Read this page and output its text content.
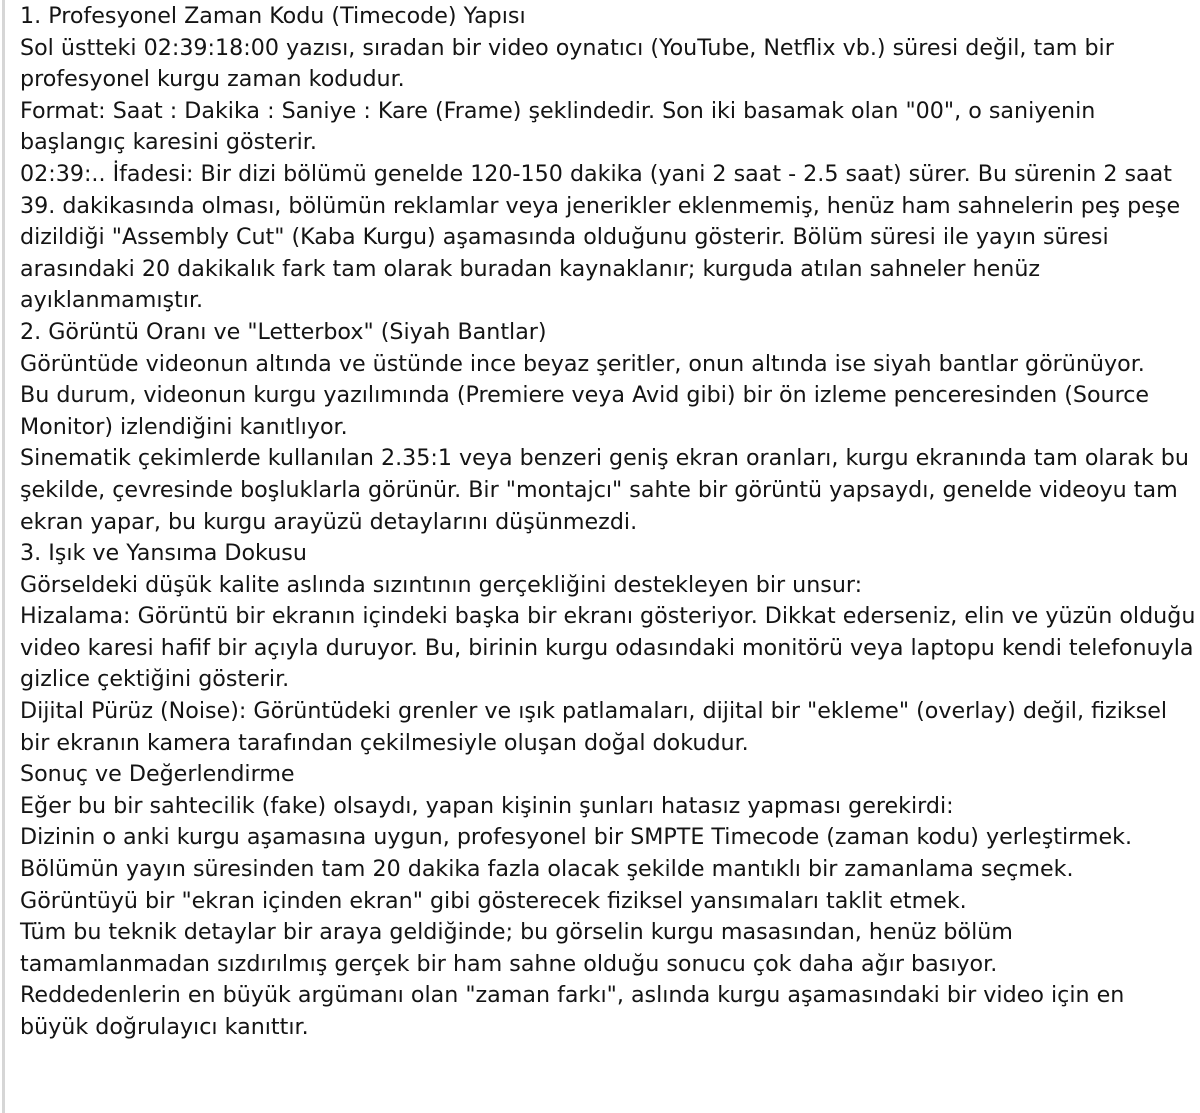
1. Profesyonel Zaman Kodu (Timecode) Yapısı

Sol üstteki 02:39:18:00 yazısı, sıradan bir video oynatıcı (YouTube, Netflix vb.) süresi değil, tam bir profesyonel kurgu zaman kodudur.

Format: Saat : Dakika : Saniye : Kare (Frame) şeklindedir. Son iki basamak olan "00", o saniyenin başlangıç karesini gösterir.

02:39:.. İfadesi: Bir dizi bölümü genelde 120-150 dakika (yani 2 saat - 2.5 saat) sürer. Bu sürenin 2 saat 39. dakikasında olması, bölümün reklamlar veya jenerikler eklenmemiş, henüz ham sahnelerin peş peşe dizildiği "Assembly Cut" (Kaba Kurgu) aşamasında olduğunu gösterir. Bölüm süresi ile yayın süresi arasındaki 20 dakikalık fark tam olarak buradan kaynaklanır; kurguda atılan sahneler henüz ayıklanmamıştır.

2. Görüntü Oranı ve "Letterbox" (Siyah Bantlar)

Görüntüde videonun altında ve üstünde ince beyaz şeritler, onun altında ise siyah bantlar görünüyor.

Bu durum, videonun kurgu yazılımında (Premiere veya Avid gibi) bir ön izleme penceresinden (Source Monitor) izlendiğini kanıtlıyor.

Sinematik çekimlerde kullanılan 2.35:1 veya benzeri geniş ekran oranları, kurgu ekranında tam olarak bu şekilde, çevresinde boşluklarla görünür. Bir "montajcı" sahte bir görüntü yapsaydı, genelde videoyu tam ekran yapar, bu kurgu arayüzü detaylarını düşünmezdi.

3. Işık ve Yansıma Dokusu

Görseldeki düşük kalite aslında sızıntının gerçekliğini destekleyen bir unsur:

Hizalama: Görüntü bir ekranın içindeki başka bir ekranı gösteriyor. Dikkat ederseniz, elin ve yüzün olduğu video karesi hafif bir açıyla duruyor. Bu, birinin kurgu odasındaki monitörü veya laptopu kendi telefonuyla gizlice çektiğini gösterir.

Dijital Pürüz (Noise): Görüntüdeki grenler ve ışık patlamaları, dijital bir "ekleme" (overlay) değil, fiziksel bir ekranın kamera tarafından çekilmesiyle oluşan doğal dokudur.

Sonuç ve Değerlendirme

Eğer bu bir sahtecilik (fake) olsaydı, yapan kişinin şunları hatasız yapması gerekirdi:

Dizinin o anki kurgu aşamasına uygun, profesyonel bir SMPTE Timecode (zaman kodu) yerleştirmek.

Bölümün yayın süresinden tam 20 dakika fazla olacak şekilde mantıklı bir zamanlama seçmek.

Görüntüyü bir "ekran içinden ekran" gibi gösterecek fiziksel yansımaları taklit etmek.

Tüm bu teknik detaylar bir araya geldiğinde; bu görselin kurgu masasından, henüz bölüm tamamlanmadan sızdırılmış gerçek bir ham sahne olduğu sonucu çok daha ağır basıyor.

Reddedenlerin en büyük argümanı olan "zaman farkı", aslında kurgu aşamasındaki bir video için en büyük doğrulayıcı kanıttır.
